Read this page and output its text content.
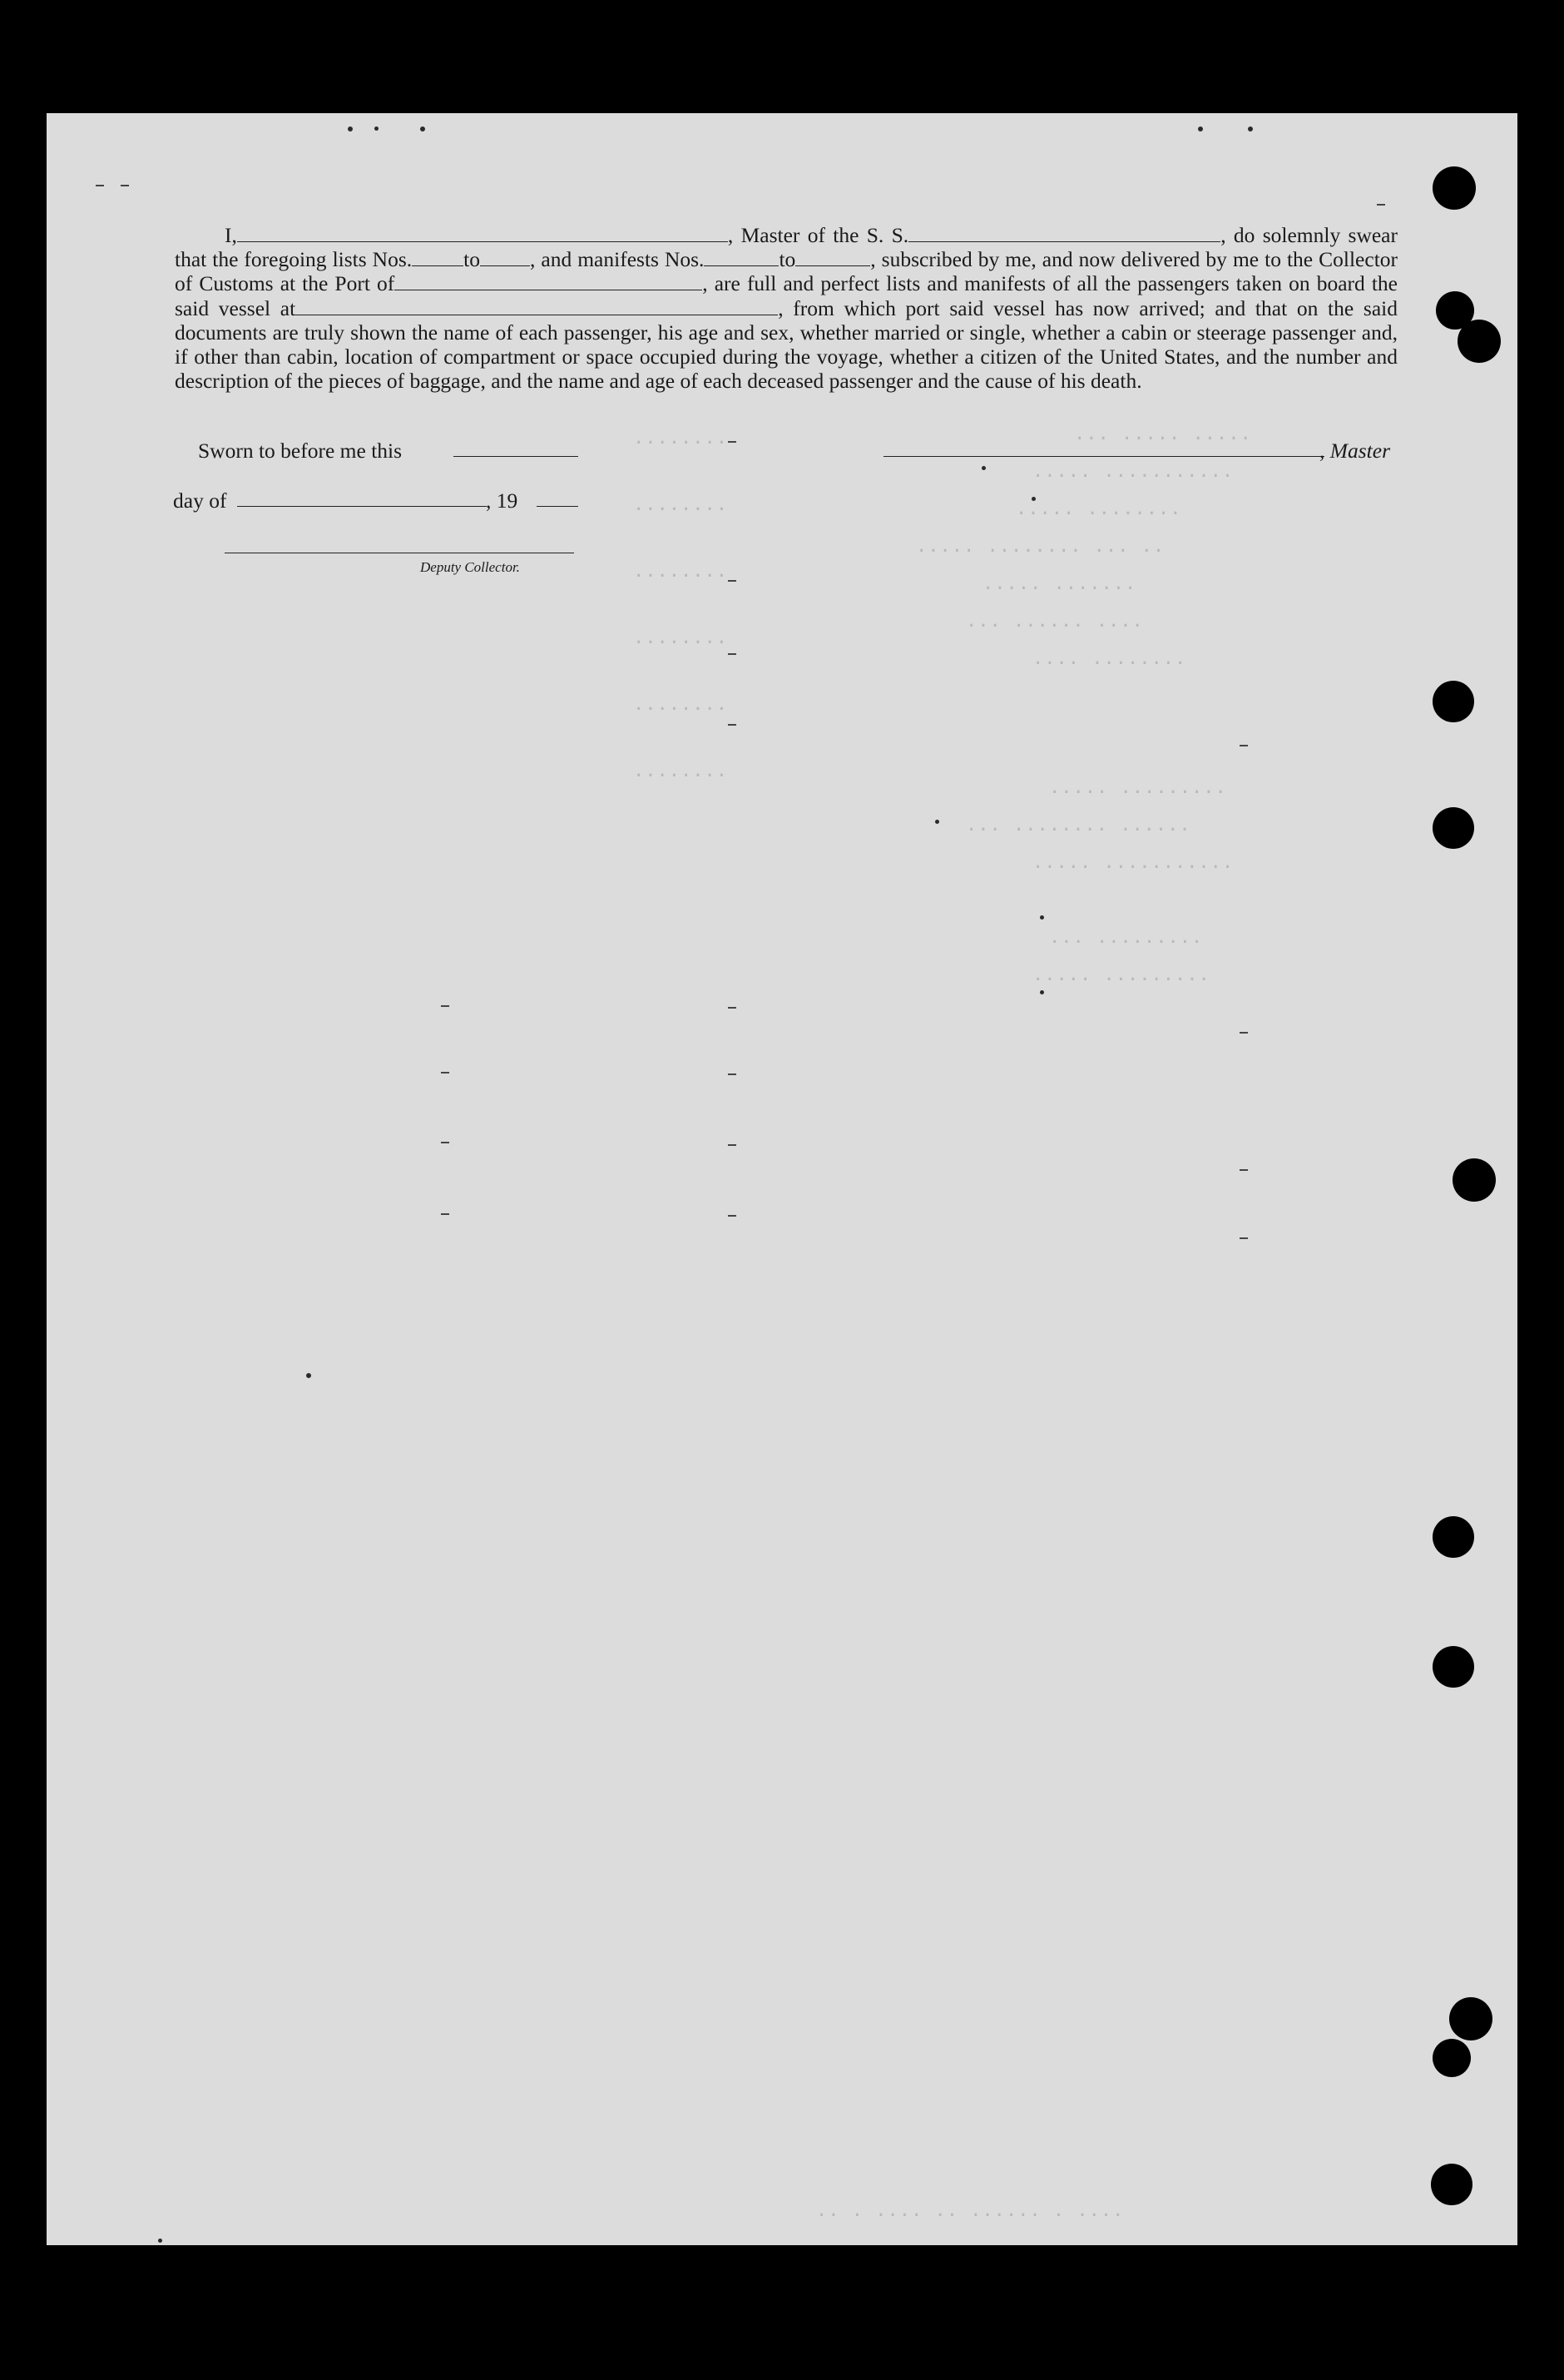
····· ····· ···
··········· ·····
········ ·····
·· ··· ········ ·····
······· ·····
···· ······ ···
········ ····
········
········
········
········
········
········
········· ·····
······ ········ ···
··········· ·····
········· ···
········· ·····
···· · ······ ·· ···· · ··

I,	, Master of the S. S.	, do solemnly swear that the foregoing lists Nos. to , and manifests Nos.	to	, subscribed by me, and now delivered by me to the Collector of Customs at the Port of	, are full and perfect lists and manifests of all the passengers taken on board the said vessel at	, from which port said vessel has now arrived; and that on the said documents are truly shown the name of each passenger, his age and sex, whether married or single, whether a cabin or steerage passenger and, if other than cabin, location of compartment or space occupied during the voyage, whether a citizen of the United States, and the number and description of the pieces of baggage, and the name and age of each deceased passenger and the cause of his death.

Sworn to before me this	, Master
day of	, 19
Deputy Collector.
